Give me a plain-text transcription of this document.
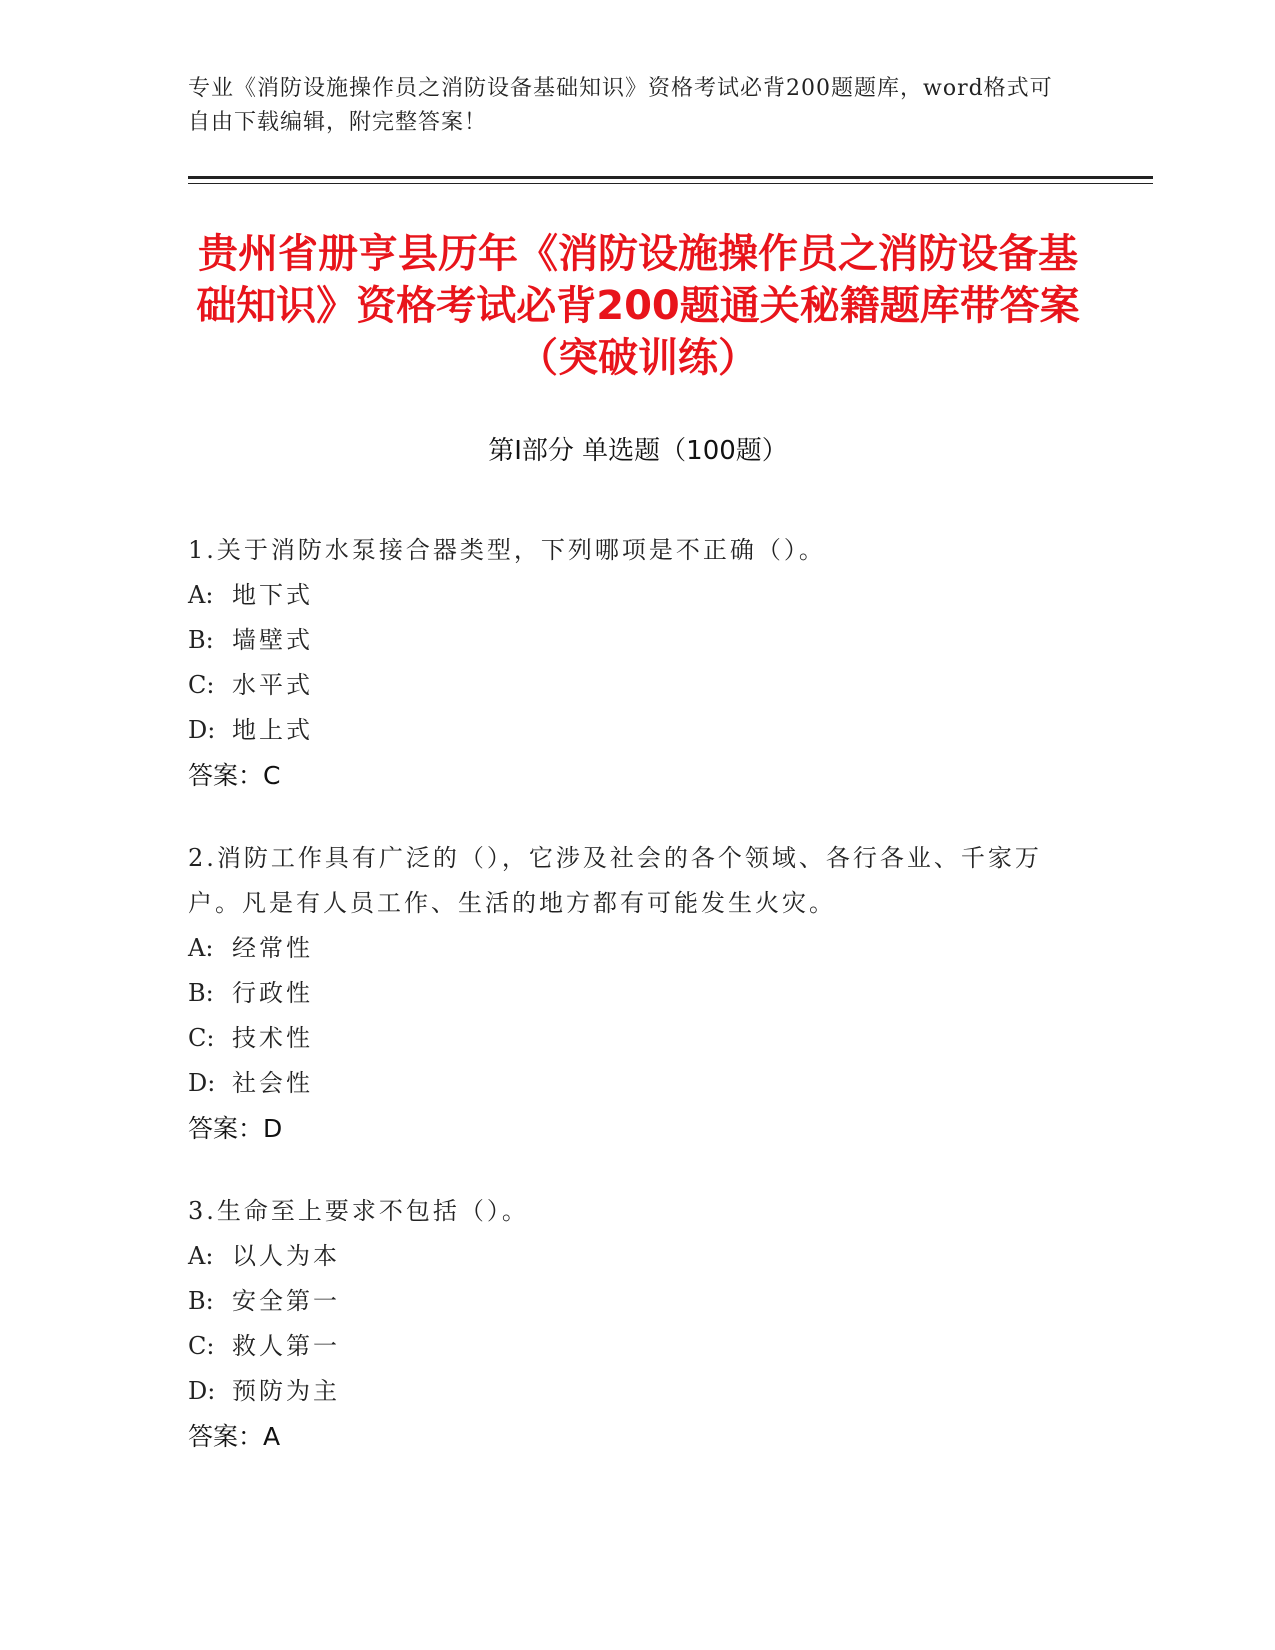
专业《消防设施操作员之消防设备基础知识》资格考试必背200题题库，word格式可自由下载编辑，附完整答案！
贵州省册亨县历年《消防设施操作员之消防设备基础知识》资格考试必背200题通关秘籍题库带答案（突破训练）
第Ⅰ部分 单选题（100题）
1.关于消防水泵接合器类型，下列哪项是不正确（）。
A: 地下式
B: 墙壁式
C: 水平式
D: 地上式
答案：C
2.消防工作具有广泛的（），它涉及社会的各个领域、各行各业、千家万户。凡是有人员工作、生活的地方都有可能发生火灾。
A: 经常性
B: 行政性
C: 技术性
D: 社会性
答案：D
3.生命至上要求不包括（）。
A: 以人为本
B: 安全第一
C: 救人第一
D: 预防为主
答案：A
